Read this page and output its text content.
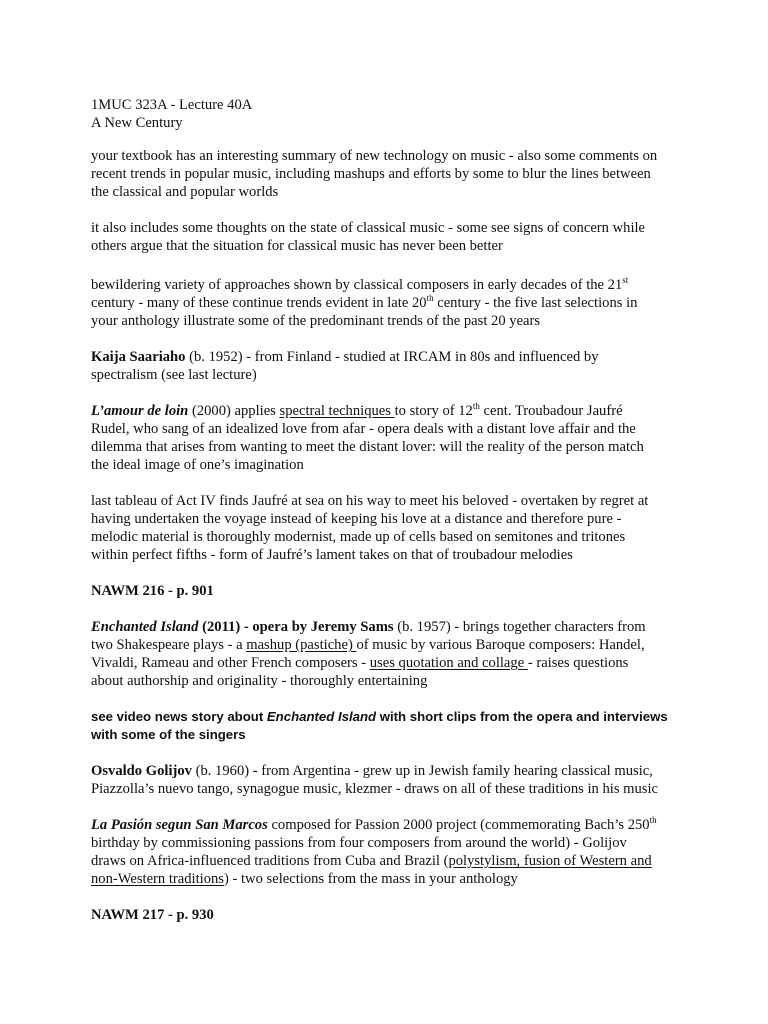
1MUC 323A - Lecture 40A
A New Century
your textbook has an interesting summary of new technology on music - also some comments on
recent trends in popular music, including mashups and efforts by some to blur the lines between
the classical and popular worlds
it also includes some thoughts on the state of classical music - some see signs of concern while
others argue that the situation for classical music has never been better
bewildering variety of approaches shown by classical composers in early decades of the 21st
century - many of these continue trends evident in late 20th century - the five last selections in
your anthology illustrate some of the predominant trends of the past 20 years
Kaija Saariaho (b. 1952) - from Finland - studied at IRCAM in 80s and influenced by
spectralism (see last lecture)
L’amour de loin (2000) applies spectral techniques to story of 12th cent. Troubadour Jaufré
Rudel, who sang of an idealized love from afar - opera deals with a distant love affair and the
dilemma that arises from wanting to meet the distant lover: will the reality of the person match
the ideal image of one’s imagination
last tableau of Act IV finds Jaufré at sea on his way to meet his beloved - overtaken by regret at
having undertaken the voyage instead of keeping his love at a distance and therefore pure -
melodic material is thoroughly modernist, made up of cells based on semitones and tritones
within perfect fifths - form of Jaufré’s lament takes on that of troubadour melodies
NAWM 216 - p. 901
Enchanted Island (2011) - opera by Jeremy Sams (b. 1957) - brings together characters from
two Shakespeare plays - a mashup (pastiche) of music by various Baroque composers: Handel,
Vivaldi, Rameau and other French composers - uses quotation and collage - raises questions
about authorship and originality - thoroughly entertaining
see video news story about Enchanted Island with short clips from the opera and interviews
with some of the singers
Osvaldo Golijov (b. 1960) - from Argentina - grew up in Jewish family hearing classical music,
Piazzolla’s nuevo tango, synagogue music, klezmer - draws on all of these traditions in his music
La Pasión segun San Marcos composed for Passion 2000 project (commemorating Bach’s 250th
birthday by commissioning passions from four composers from around the world) - Golijov
draws on Africa-influenced traditions from Cuba and Brazil (polystylism, fusion of Western and
non-Western traditions) - two selections from the mass in your anthology
NAWM 217 - p. 930
